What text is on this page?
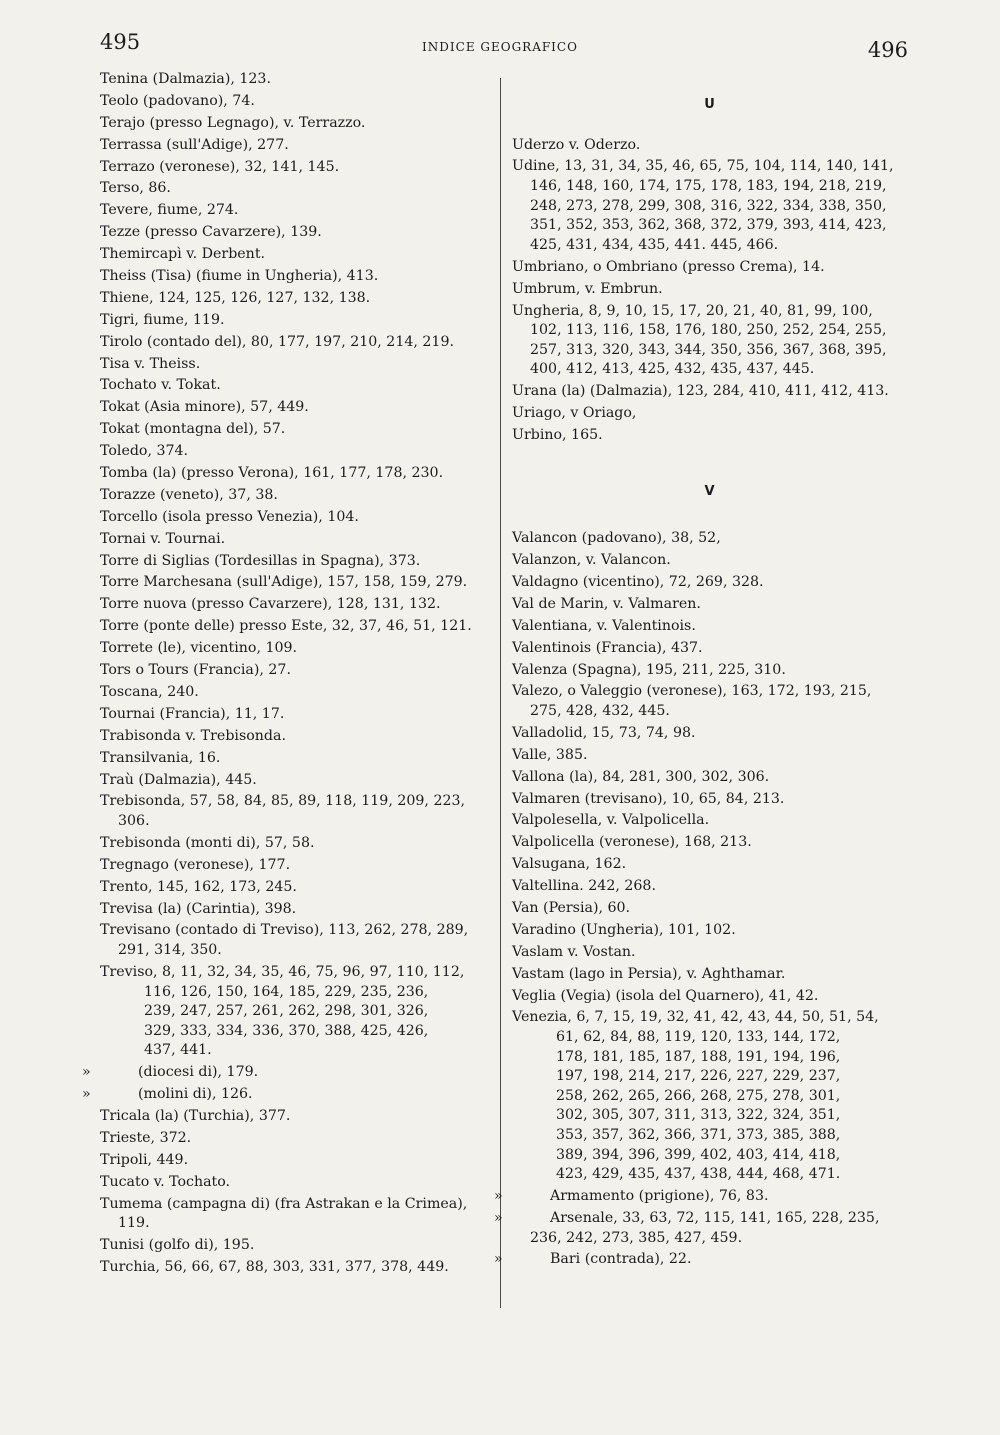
495	INDICE GEOGRAFICO	496
Tenina (Dalmazia), 123.
Teolo (padovano), 74.
Terajo (presso Legnago), v. Terrazzo.
Terrassa (sull'Adige), 277.
Terrazo (veronese), 32, 141, 145.
Terso, 86.
Tevere, fiume, 274.
Tezze (presso Cavarzere), 139.
Themircapì v. Derbent.
Theiss (Tisa) (fiume in Ungheria), 413.
Thiene, 124, 125, 126, 127, 132, 138.
Tigri, fiume, 119.
Tirolo (contado del), 80, 177, 197, 210, 214, 219.
Tisa v. Theiss.
Tochato v. Tokat.
Tokat (Asia minore), 57, 449.
Tokat (montagna del), 57.
Toledo, 374.
Tomba (la) (presso Verona), 161, 177, 178, 230.
Torazze (veneto), 37, 38.
Torcello (isola presso Venezia), 104.
Tornai v. Tournai.
Torre di Siglias (Tordesillas in Spagna), 373.
Torre Marchesana (sull'Adige), 157, 158, 159, 279.
Torre nuova (presso Cavarzere), 128, 131, 132.
Torre (ponte delle) presso Este, 32, 37, 46, 51, 121.
Torrete (le), vicentino, 109.
Tors o Tours (Francia), 27.
Toscana, 240.
Tournai (Francia), 11, 17.
Trabisonda v. Trebisonda.
Transilvania, 16.
Traù (Dalmazia), 445.
Trebisonda, 57, 58, 84, 85, 89, 118, 119, 209, 223, 306.
Trebisonda (monti di), 57, 58.
Tregnago (veronese), 177.
Trento, 145, 162, 173, 245.
Trevisa (la) (Carintia), 398.
Trevisano (contado di Treviso), 113, 262, 278, 289, 291, 314, 350.
Treviso, 8, 11, 32, 34, 35, 46, 75, 96, 97, 110, 112,
116, 126, 150, 164, 185, 229, 235, 236,
239, 247, 257, 261, 262, 298, 301, 326,
329, 333, 334, 336, 370, 388, 425, 426,
437, 441.
»	(diocesi di), 179.
»	(molini di), 126.
Tricala (la) (Turchia), 377.
Trieste, 372.
Tripoli, 449.
Tucato v. Tochato.
Tumema (campagna di) (fra Astrakan e la Crimea), 119.
Tunisi (golfo di), 195.
Turchia, 56, 66, 67, 88, 303, 331, 377, 378, 449.
U
Uderzo v. Oderzo.
Udine, 13, 31, 34, 35, 46, 65, 75, 104, 114, 140, 141, 146, 148, 160, 174, 175, 178, 183, 194, 218, 219, 248, 273, 278, 299, 308, 316, 322, 334, 338, 350, 351, 352, 353, 362, 368, 372, 379, 393, 414, 423, 425, 431, 434, 435, 441. 445, 466.
Umbriano, o Ombriano (presso Crema), 14.
Umbrum, v. Embrun.
Ungheria, 8, 9, 10, 15, 17, 20, 21, 40, 81, 99, 100, 102, 113, 116, 158, 176, 180, 250, 252, 254, 255, 257, 313, 320, 343, 344, 350, 356, 367, 368, 395, 400, 412, 413, 425, 432, 435, 437, 445.
Urana (la) (Dalmazia), 123, 284, 410, 411, 412, 413.
Uriago, v Oriago,
Urbino, 165.
V
Valancon (padovano), 38, 52,
Valanzon, v. Valancon.
Valdagno (vicentino), 72, 269, 328.
Val de Marin, v. Valmaren.
Valentiana, v. Valentinois.
Valentinois (Francia), 437.
Valenza (Spagna), 195, 211, 225, 310.
Valezo, o Valeggio (veronese), 163, 172, 193, 215, 275, 428, 432, 445.
Valladolid, 15, 73, 74, 98.
Valle, 385.
Vallona (la), 84, 281, 300, 302, 306.
Valmaren (trevisano), 10, 65, 84, 213.
Valpolesella, v. Valpolicella.
Valpolicella (veronese), 168, 213.
Valsugana, 162.
Valtellina. 242, 268.
Van (Persia), 60.
Varadino (Ungheria), 101, 102.
Vaslam v. Vostan.
Vastam (lago in Persia), v. Aghthamar.
Veglia (Vegia) (isola del Quarnero), 41, 42.
Venezia, 6, 7, 15, 19, 32, 41, 42, 43, 44, 50, 51, 54,
61, 62, 84, 88, 119, 120, 133, 144, 172,
178, 181, 185, 187, 188, 191, 194, 196,
197, 198, 214, 217, 226, 227, 229, 237,
258, 262, 265, 266, 268, 275, 278, 301,
302, 305, 307, 311, 313, 322, 324, 351,
353, 357, 362, 366, 371, 373, 385, 388,
389, 394, 396, 399, 402, 403, 414, 418,
423, 429, 435, 437, 438, 444, 468, 471.
»	Armamento (prigione), 76, 83.
»	Arsenale, 33, 63, 72, 115, 141, 165, 228, 235, 236, 242, 273, 385, 427, 459.
»	Bari (contrada), 22.
